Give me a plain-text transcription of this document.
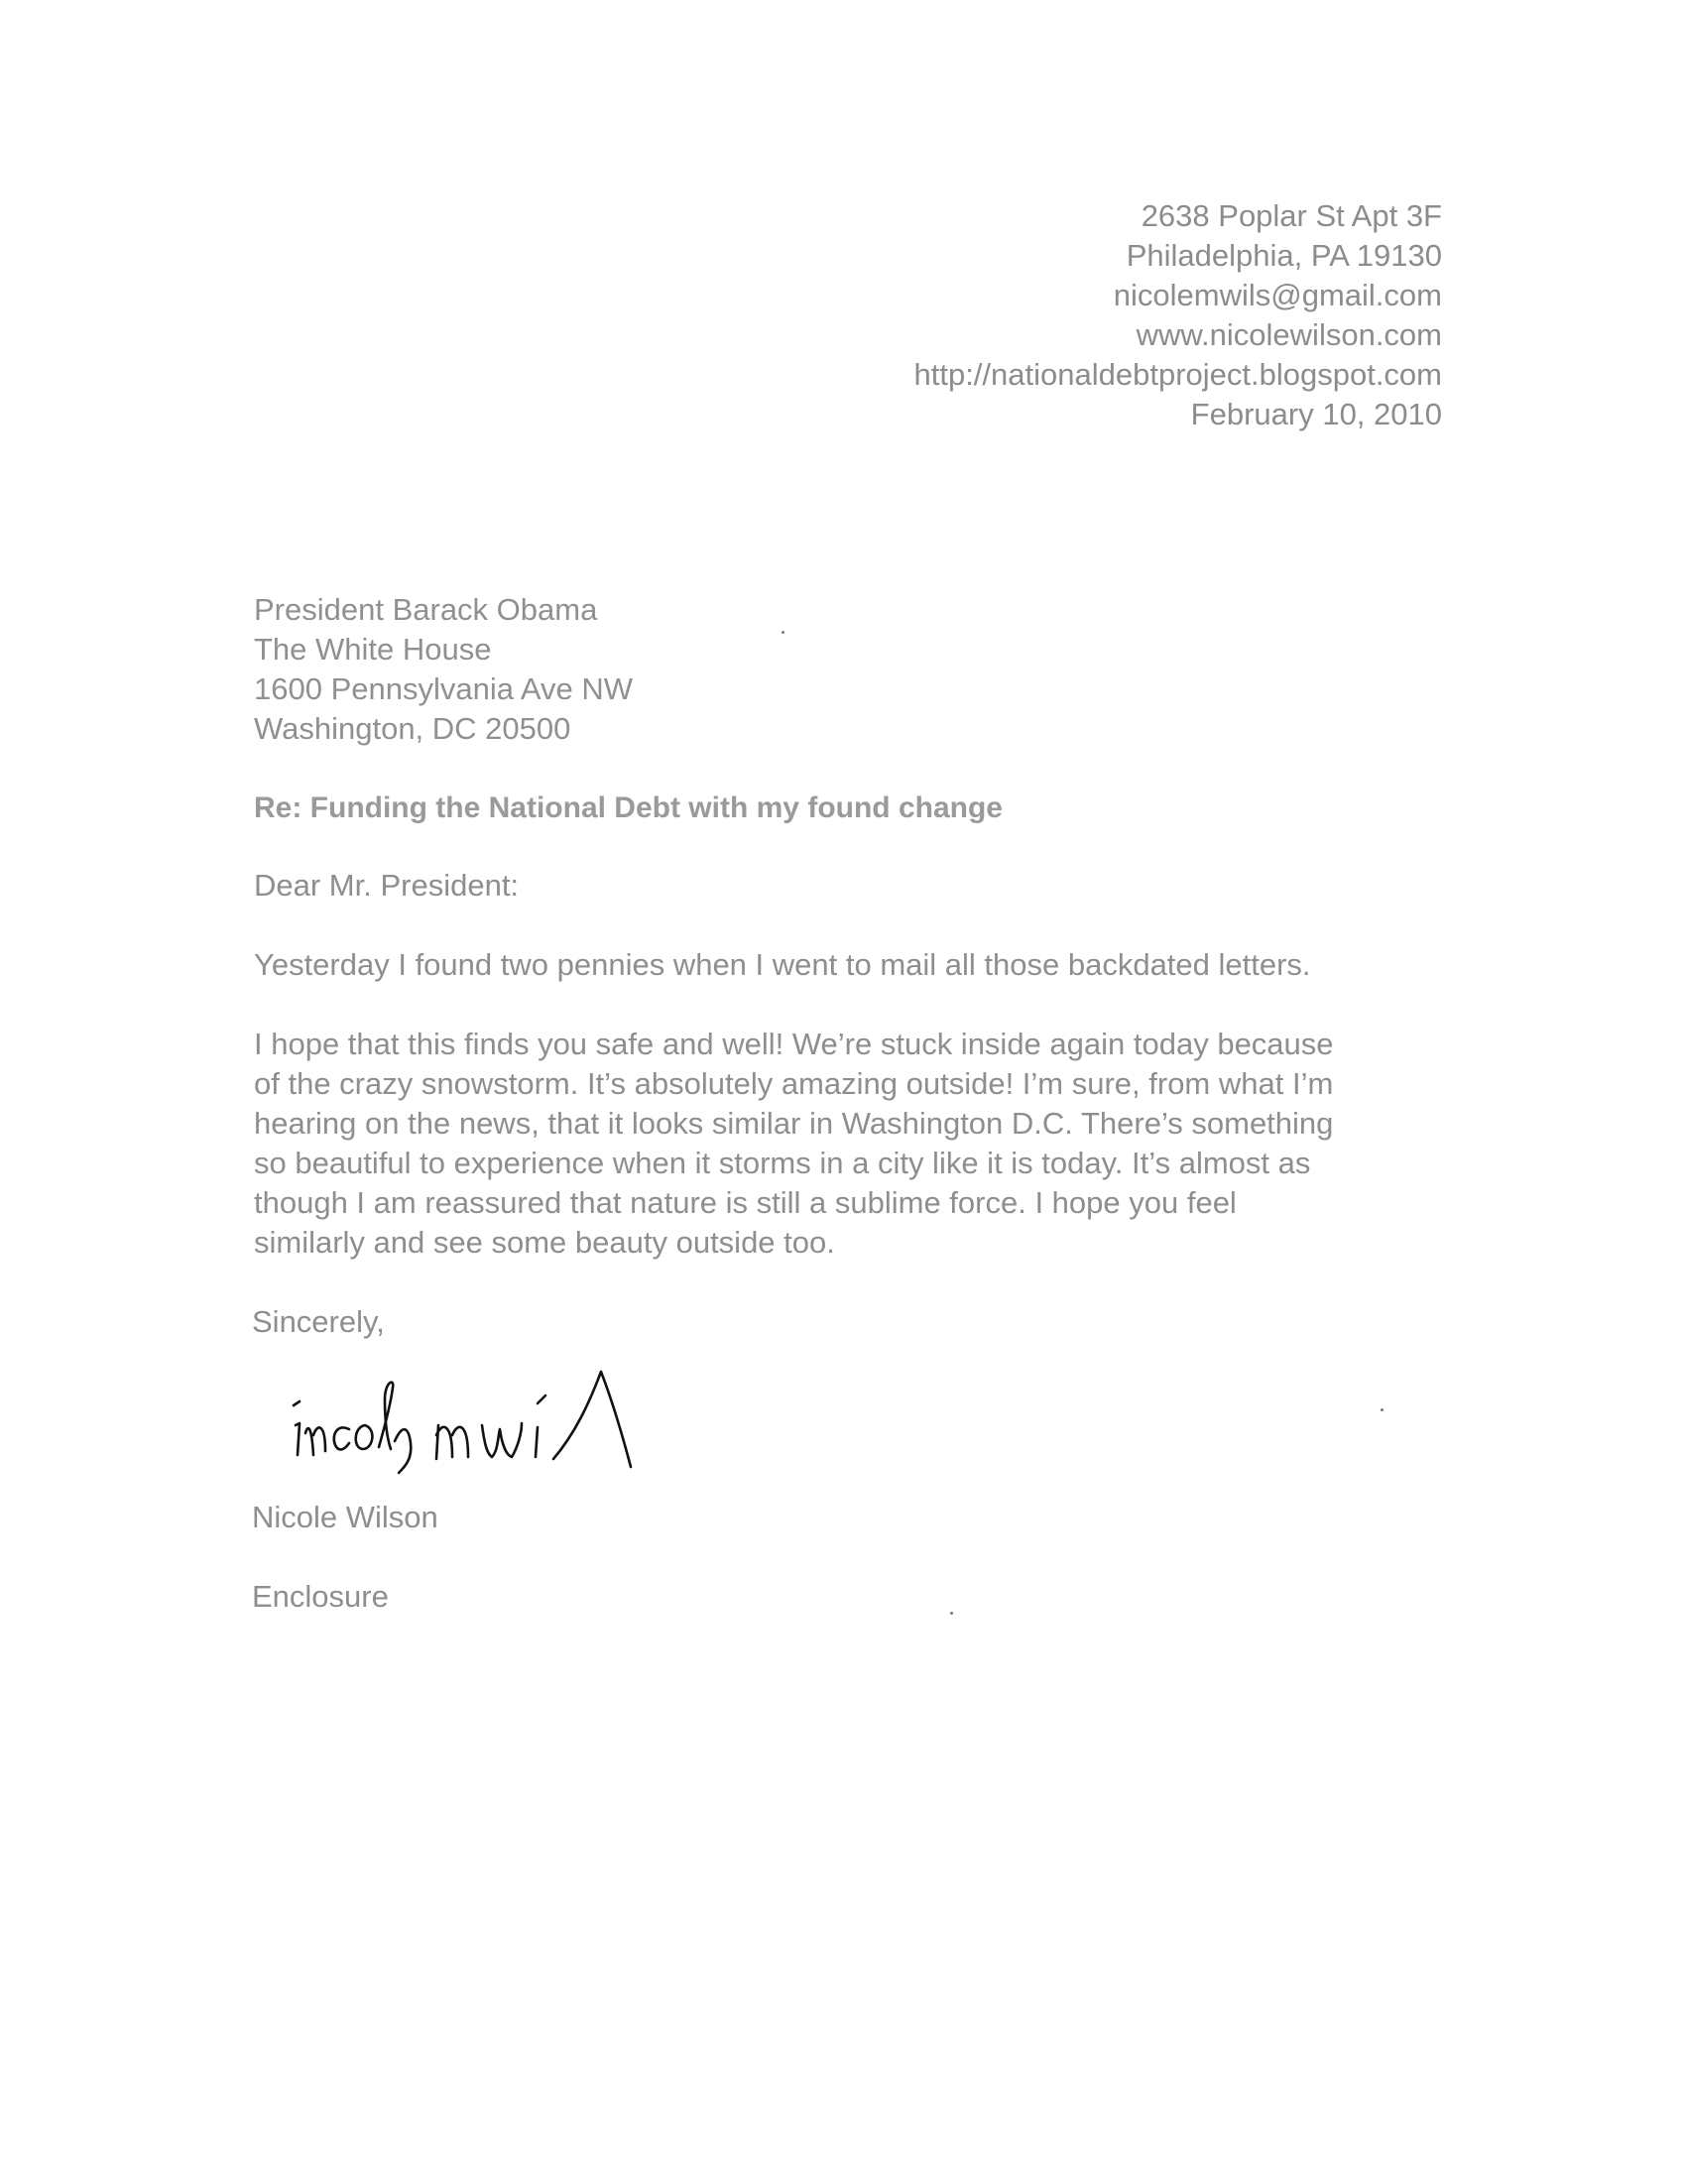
2638 Poplar St Apt 3F
Philadelphia, PA 19130
nicolemwils@gmail.com
www.nicolewilson.com
http://nationaldebtproject.blogspot.com
February 10, 2010
President Barack Obama
The White House
1600 Pennsylvania Ave NW
Washington, DC 20500
Re: Funding the National Debt with my found change
Dear Mr. President:
Yesterday I found two pennies when I went to mail all those backdated letters.
I hope that this finds you safe and well! We’re stuck inside again today because
of the crazy snowstorm. It’s absolutely amazing outside! I’m sure, from what I’m
hearing on the news, that it looks similar in Washington D.C. There’s something
so beautiful to experience when it storms in a city like it is today. It’s almost as
though I am reassured that nature is still a sublime force. I hope you feel
similarly and see some beauty outside too.
Sincerely,
Nicole Wilson
Enclosure
